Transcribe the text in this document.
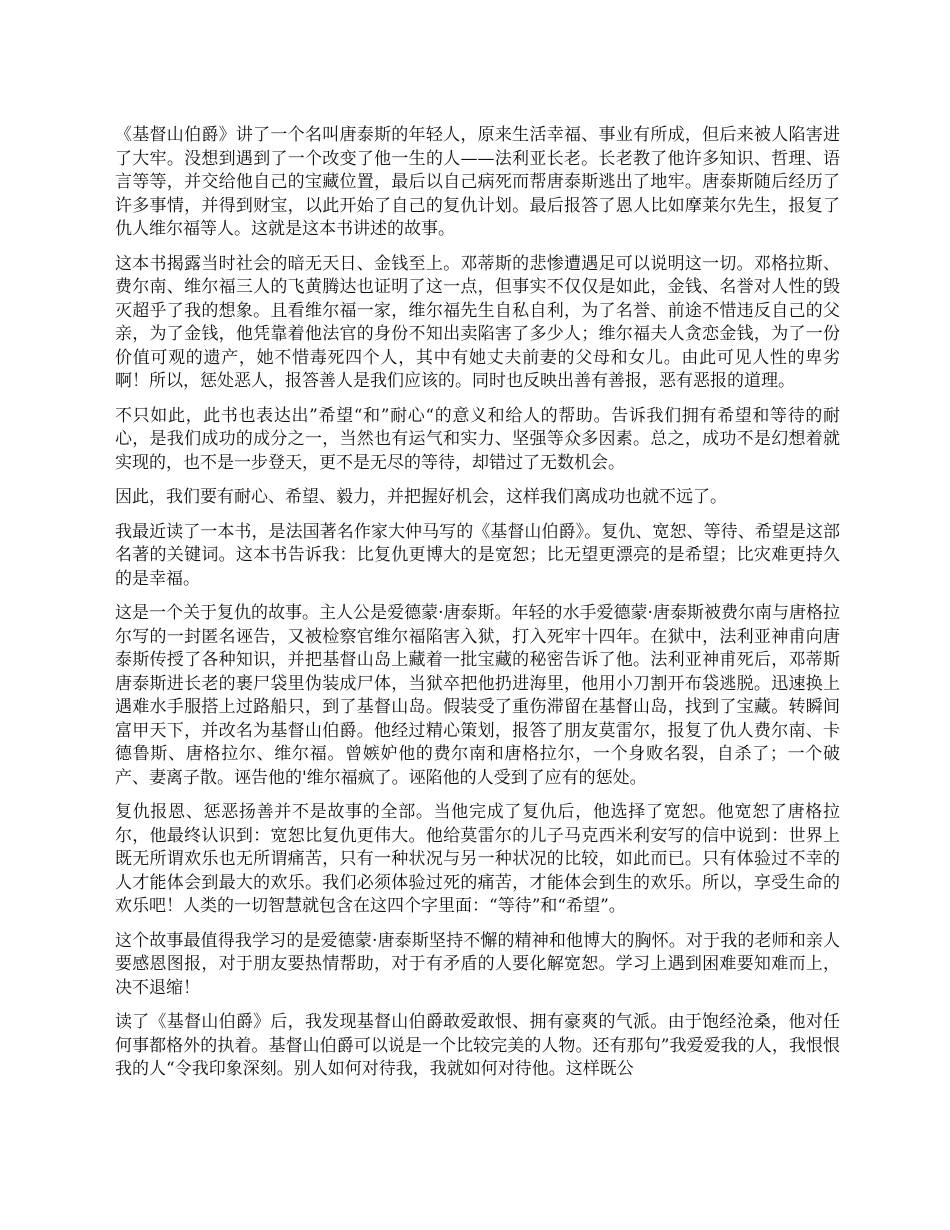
《基督山伯爵》讲了一个名叫唐泰斯的年轻人，原来生活幸福、事业有所成，但后来被人陷害进了大牢。没想到遇到了一个改变了他一生的人——法利亚长老。长老教了他许多知识、哲理、语言等等，并交给他自己的宝藏位置，最后以自己病死而帮唐泰斯逃出了地牢。唐泰斯随后经历了许多事情，并得到财宝，以此开始了自己的复仇计划。最后报答了恩人比如摩莱尔先生，报复了仇人维尔福等人。这就是这本书讲述的故事。

这本书揭露当时社会的暗无天日、金钱至上。邓蒂斯的悲惨遭遇足可以说明这一切。邓格拉斯、费尔南、维尔福三人的飞黄腾达也证明了这一点，但事实不仅仅是如此，金钱、名誉对人性的毁灭超乎了我的想象。且看维尔福一家，维尔福先生自私自利，为了名誉、前途不惜违反自己的父亲，为了金钱，他凭靠着他法官的身份不知出卖陷害了多少人；维尔福夫人贪恋金钱，为了一份价值可观的遗产，她不惜毒死四个人，其中有她丈夫前妻的父母和女儿。由此可见人性的卑劣啊！所以，惩处恶人，报答善人是我们应该的。同时也反映出善有善报，恶有恶报的道理。

不只如此，此书也表达出”希望“和”耐心“的意义和给人的帮助。告诉我们拥有希望和等待的耐心，是我们成功的成分之一，当然也有运气和实力、坚强等众多因素。总之，成功不是幻想着就实现的，也不是一步登天，更不是无尽的等待，却错过了无数机会。

因此，我们要有耐心、希望、毅力，并把握好机会，这样我们离成功也就不远了。

我最近读了一本书，是法国著名作家大仲马写的《基督山伯爵》。复仇、宽恕、等待、希望是这部名著的关键词。这本书告诉我：比复仇更博大的是宽恕；比无望更漂亮的是希望；比灾难更持久的是幸福。

这是一个关于复仇的故事。主人公是爱德蒙·唐泰斯。年轻的水手爱德蒙·唐泰斯被费尔南与唐格拉尔写的一封匿名诬告，又被检察官维尔福陷害入狱，打入死牢十四年。在狱中，法利亚神甫向唐泰斯传授了各种知识，并把基督山岛上藏着一批宝藏的秘密告诉了他。法利亚神甫死后，邓蒂斯唐泰斯进长老的裹尸袋里伪装成尸体，当狱卒把他扔进海里，他用小刀割开布袋逃脱。迅速换上遇难水手服搭上过路船只，到了基督山岛。假装受了重伤滞留在基督山岛，找到了宝藏。转瞬间富甲天下，并改名为基督山伯爵。他经过精心策划，报答了朋友莫雷尔，报复了仇人费尔南、卡德鲁斯、唐格拉尔、维尔福。曾嫉妒他的费尔南和唐格拉尔，一个身败名裂，自杀了；一个破产、妻离子散。诬告他的'维尔福疯了。诬陷他的人受到了应有的惩处。

复仇报恩、惩恶扬善并不是故事的全部。当他完成了复仇后，他选择了宽恕。他宽恕了唐格拉尔，他最终认识到：宽恕比复仇更伟大。他给莫雷尔的儿子马克西米利安写的信中说到：世界上既无所谓欢乐也无所谓痛苦，只有一种状况与另一种状况的比较，如此而已。只有体验过不幸的人才能体会到最大的欢乐。我们必须体验过死的痛苦，才能体会到生的欢乐。所以，享受生命的欢乐吧！人类的一切智慧就包含在这四个字里面：“等待”和“希望”。

这个故事最值得我学习的是爱德蒙·唐泰斯坚持不懈的精神和他博大的胸怀。对于我的老师和亲人要感恩图报，对于朋友要热情帮助，对于有矛盾的人要化解宽恕。学习上遇到困难要知难而上，决不退缩！

读了《基督山伯爵》后，我发现基督山伯爵敢爱敢恨、拥有豪爽的气派。由于饱经沧桑，他对任何事都格外的执着。基督山伯爵可以说是一个比较完美的人物。还有那句”我爱爱我的人，我恨恨我的人“令我印象深刻。别人如何对待我，我就如何对待他。这样既公
